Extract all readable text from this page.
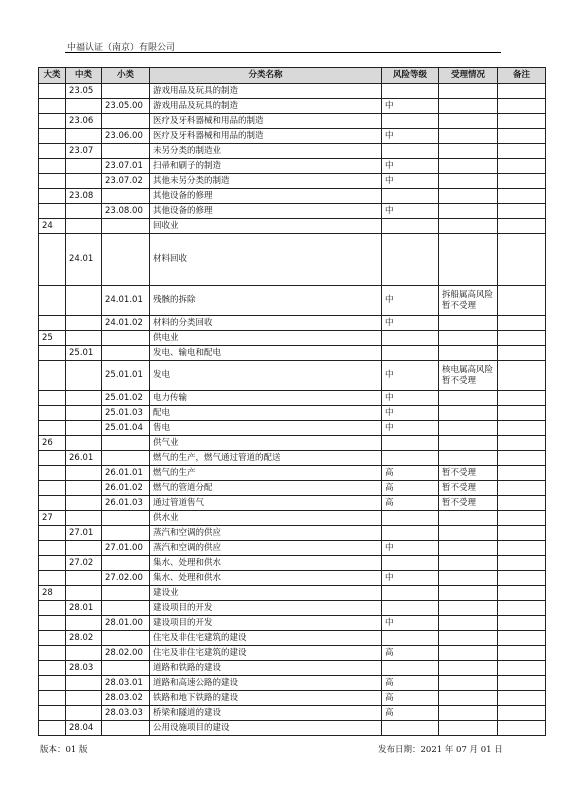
中福认证（南京）有限公司
大类	中类	小类	分类名称	风险等级	受理情况	备注
	23.05		游戏用品及玩具的制造			
		23.05.00	游戏用品及玩具的制造	中		
	23.06		医疗及牙科器械和用品的制造			
		23.06.00	医疗及牙科器械和用品的制造	中		
	23.07		未另分类的制造业			
		23.07.01	扫帚和刷子的制造	中		
		23.07.02	其他未另分类的制造	中		
	23.08		其他设备的修理			
		23.08.00	其他设备的修理	中		
24			回收业			
	24.01		材料回收			
		24.01.01	残骸的拆除	中	拆船属高风险暂不受理	
		24.01.02	材料的分类回收	中		
25			供电业			
	25.01		发电、输电和配电			
		25.01.01	发电	中	核电属高风险暂不受理	
		25.01.02	电力传输	中		
		25.01.03	配电	中		
		25.01.04	售电	中		
26			供气业			
	26.01		燃气的生产，燃气通过管道的配送			
		26.01.01	燃气的生产	高	暂不受理	
		26.01.02	燃气的管道分配	高	暂不受理	
		26.01.03	通过管道售气	高	暂不受理	
27			供水业			
	27.01		蒸汽和空调的供应			
		27.01.00	蒸汽和空调的供应	中		
	27.02		集水、处理和供水			
		27.02.00	集水、处理和供水	中		
28			建设业			
	28.01		建设项目的开发			
		28.01.00	建设项目的开发	中		
	28.02		住宅及非住宅建筑的建设			
		28.02.00	住宅及非住宅建筑的建设	高		
	28.03		道路和铁路的建设			
		28.03.01	道路和高速公路的建设	高		
		28.03.02	铁路和地下铁路的建设	高		
		28.03.03	桥梁和隧道的建设	高		
	28.04		公用设施项目的建设			
版本：01 版	发布日期：2021 年 07 月 01 日
